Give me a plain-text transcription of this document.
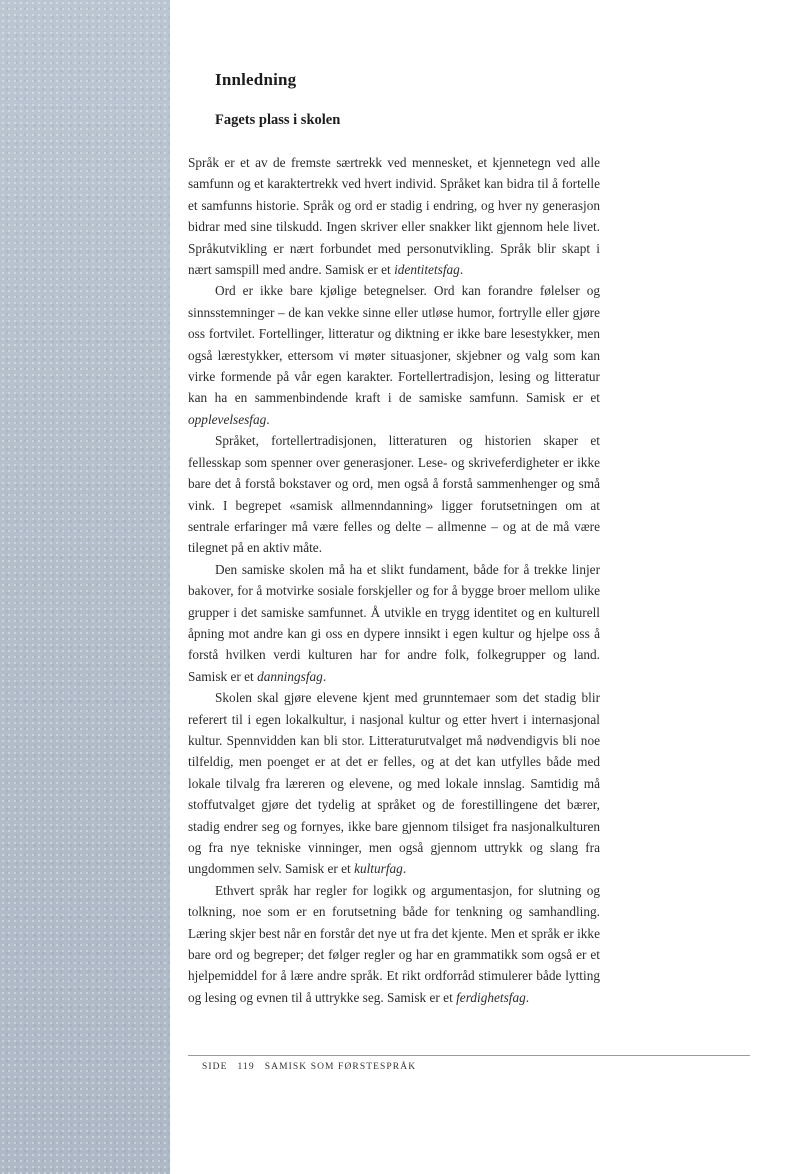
Innledning
Fagets plass i skolen

Språk er et av de fremste særtrekk ved mennesket, et kjennetegn ved alle samfunn og et karaktertrekk ved hvert individ. Språket kan bidra til å fortelle et samfunns historie. Språk og ord er stadig i endring, og hver ny generasjon bidrar med sine tilskudd. Ingen skriver eller snakker likt gjennom hele livet. Språkutvikling er nært forbundet med personutvikling. Språk blir skapt i nært samspill med andre. Samisk er et identitetsfag.

Ord er ikke bare kjølige betegnelser. Ord kan forandre følelser og sinnsstemninger – de kan vekke sinne eller utløse humor, fortrylle eller gjøre oss fortvilet. Fortellinger, litteratur og diktning er ikke bare lesestykker, men også lærestykker, ettersom vi møter situasjoner, skjebner og valg som kan virke formende på vår egen karakter. Fortellertradisjon, lesing og litteratur kan ha en sammenbindende kraft i de samiske samfunn. Samisk er et opplevelsesfag.

Språket, fortellertradisjonen, litteraturen og historien skaper et fellesskap som spenner over generasjoner. Lese- og skriveferdigheter er ikke bare det å forstå bokstaver og ord, men også å forstå sammenhenger og små vink. I begrepet «samisk allmenndanning» ligger forutsetningen om at sentrale erfaringer må være felles og delte – allmenne – og at de må være tilegnet på en aktiv måte.

Den samiske skolen må ha et slikt fundament, både for å trekke linjer bakover, for å motvirke sosiale forskjeller og for å bygge broer mellom ulike grupper i det samiske samfunnet. Å utvikle en trygg identitet og en kulturell åpning mot andre kan gi oss en dypere innsikt i egen kultur og hjelpe oss å forstå hvilken verdi kulturen har for andre folk, folkegrupper og land. Samisk er et danningsfag.

Skolen skal gjøre elevene kjent med grunntemaer som det stadig blir referert til i egen lokalkultur, i nasjonal kultur og etter hvert i internasjonal kultur. Spennvidden kan bli stor. Litteraturutvalget må nødvendigvis bli noe tilfeldig, men poenget er at det er felles, og at det kan utfylles både med lokale tilvalg fra læreren og elevene, og med lokale innslag. Samtidig må stoffutvalget gjøre det tydelig at språket og de forestillingene det bærer, stadig endrer seg og fornyes, ikke bare gjennom tilsiget fra nasjonalkulturen og fra nye tekniske vinninger, men også gjennom uttrykk og slang fra ungdommen selv. Samisk er et kulturfag.

Ethvert språk har regler for logikk og argumentasjon, for slutning og tolkning, noe som er en forutsetning både for tenkning og samhandling. Læring skjer best når en forstår det nye ut fra det kjente. Men et språk er ikke bare ord og begreper; det følger regler og har en grammatikk som også er et hjelpemiddel for å lære andre språk. Et rikt ordforråd stimulerer både lytting og lesing og evnen til å uttrykke seg. Samisk er et ferdighetsfag.

SIDE 119 SAMISK SOM FØRSTESPRÅK
